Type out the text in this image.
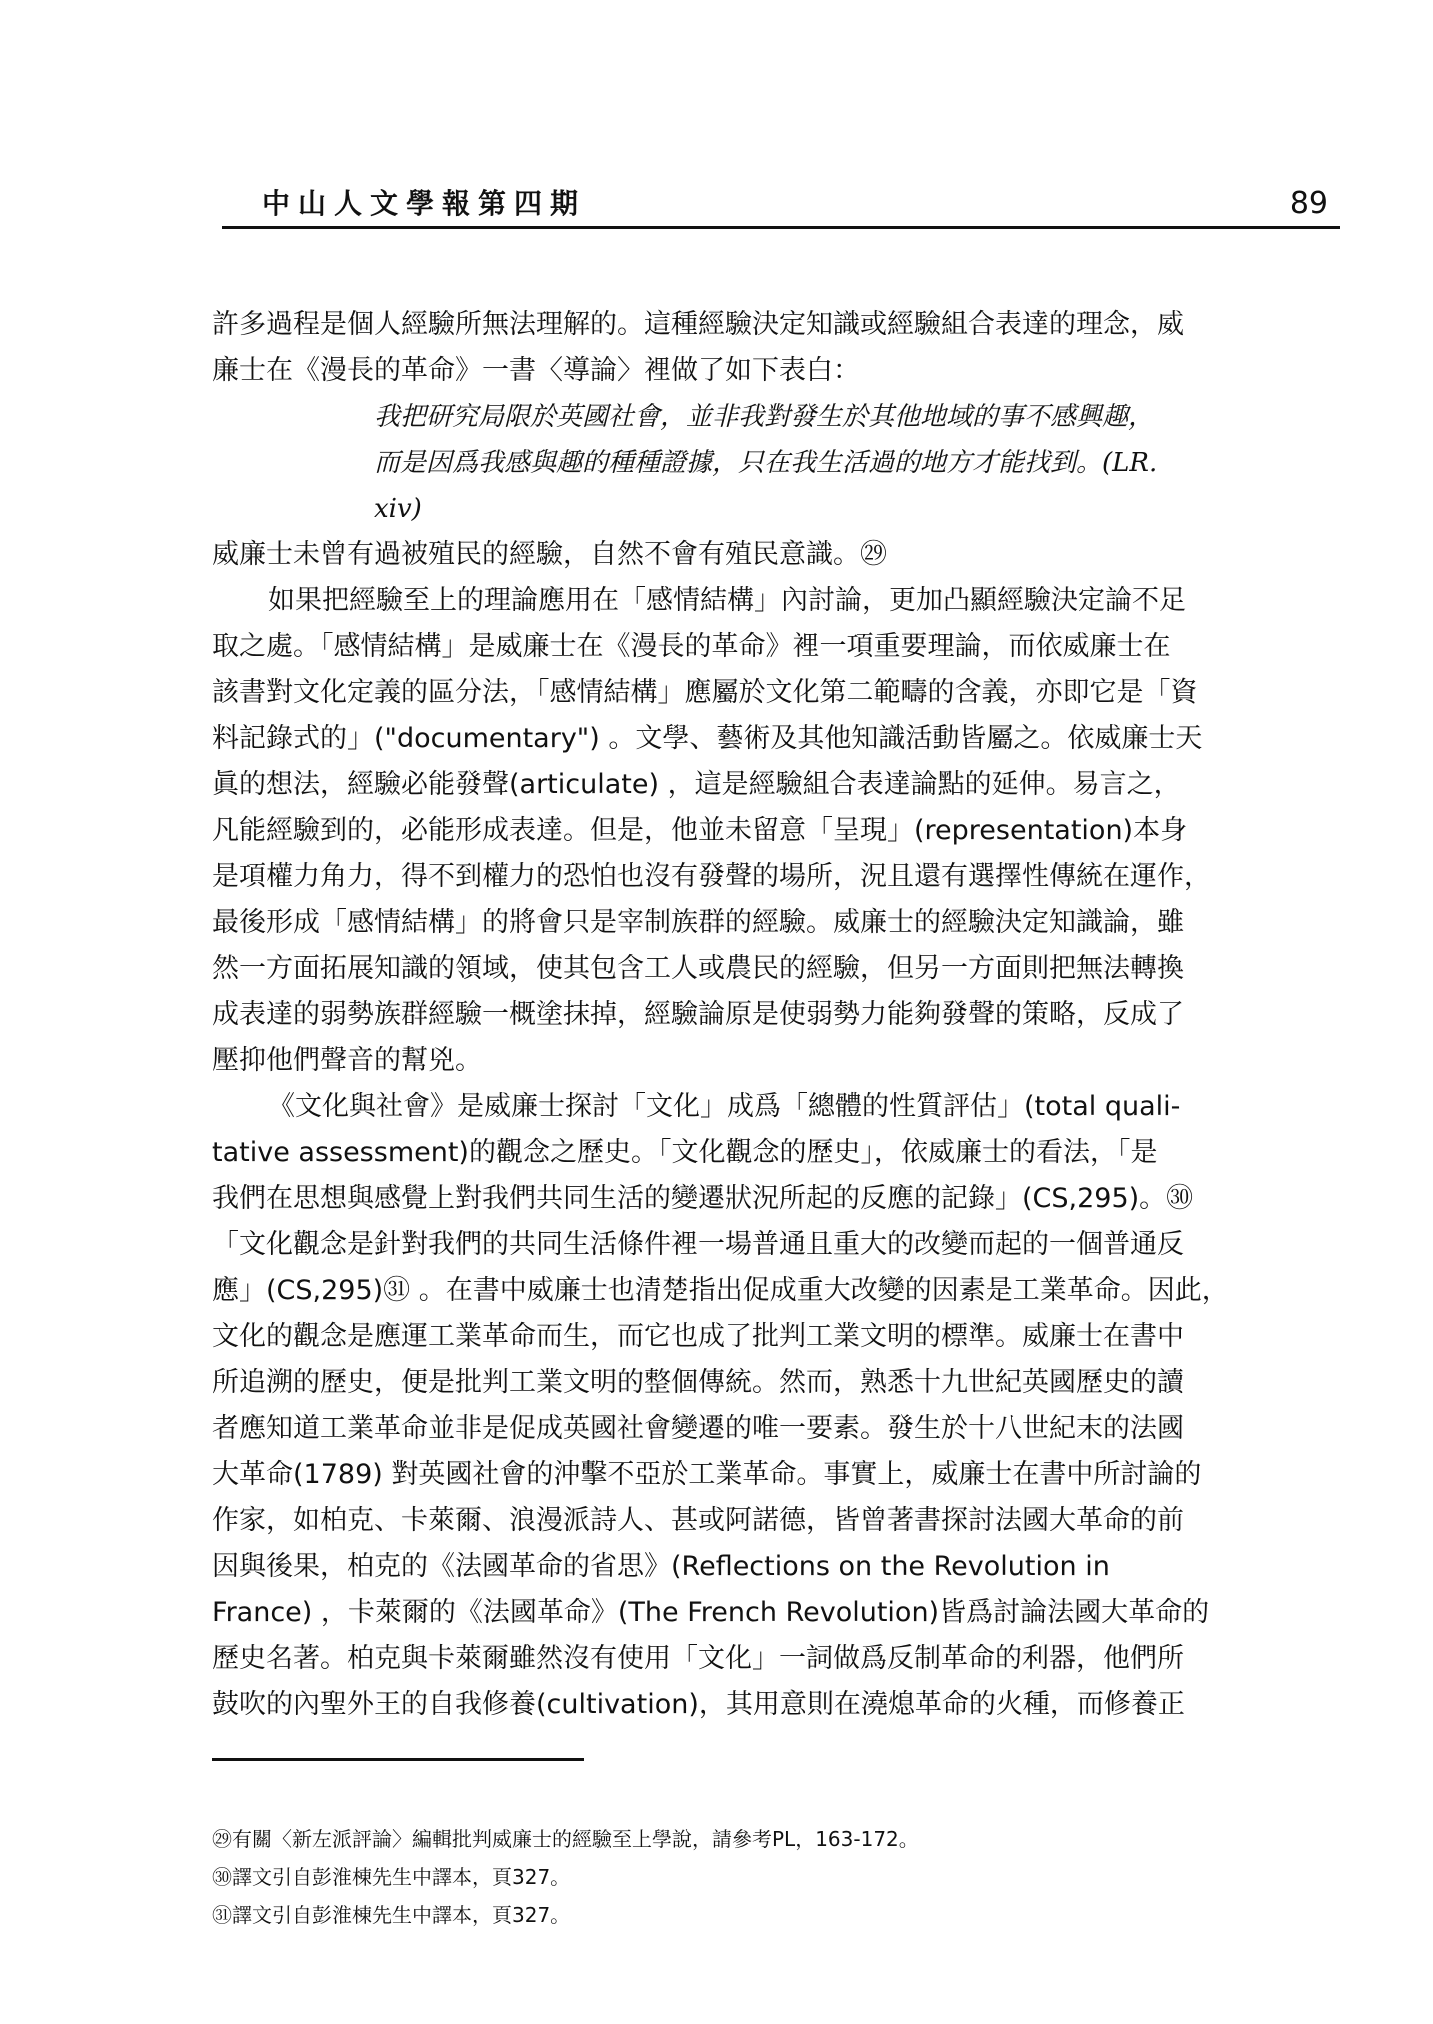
中山人文學報第四期	89
許多過程是個人經驗所無法理解的。這種經驗決定知識或經驗組合表達的理念，威
廉士在《漫長的革命》一書〈導論〉裡做了如下表白：
我把研究局限於英國社會，並非我對發生於其他地域的事不感興趣，
而是因爲我感與趣的種種證據，只在我生活過的地方才能找到。(LR.
xiv)
威廉士未曾有過被殖民的經驗，自然不會有殖民意識。㉙
如果把經驗至上的理論應用在「感情結構」內討論，更加凸顯經驗決定論不足
取之處。「感情結構」是威廉士在《漫長的革命》裡一項重要理論，而依威廉士在
該書對文化定義的區分法，「感情結構」應屬於文化第二範疇的含義，亦即它是「資
料記錄式的」("documentary") 。文學、藝術及其他知識活動皆屬之。依威廉士天
眞的想法，經驗必能發聲(articulate) ，這是經驗組合表達論點的延伸。易言之，
凡能經驗到的，必能形成表達。但是，他並未留意「呈現」(representation)本身
是項權力角力，得不到權力的恐怕也沒有發聲的場所，況且還有選擇性傳統在運作，
最後形成「感情結構」的將會只是宰制族群的經驗。威廉士的經驗決定知識論，雖
然一方面拓展知識的領域，使其包含工人或農民的經驗，但另一方面則把無法轉換
成表達的弱勢族群經驗一概塗抹掉，經驗論原是使弱勢力能夠發聲的策略，反成了
壓抑他們聲音的幫兇。
《文化與社會》是威廉士探討「文化」成爲「總體的性質評估」(total quali-
tative assessment)的觀念之歷史。「文化觀念的歷史」，依威廉士的看法，「是
我們在思想與感覺上對我們共同生活的變遷狀況所起的反應的記錄」(CS,295)。㉚
「文化觀念是針對我們的共同生活條件裡一場普通且重大的改變而起的一個普通反
應」(CS,295)㉛ 。在書中威廉士也清楚指出促成重大改變的因素是工業革命。因此，
文化的觀念是應運工業革命而生，而它也成了批判工業文明的標準。威廉士在書中
所追溯的歷史，便是批判工業文明的整個傳統。然而，熟悉十九世紀英國歷史的讀
者應知道工業革命並非是促成英國社會變遷的唯一要素。發生於十八世紀末的法國
大革命(1789) 對英國社會的沖擊不亞於工業革命。事實上，威廉士在書中所討論的
作家，如柏克、卡萊爾、浪漫派詩人、甚或阿諾德，皆曾著書探討法國大革命的前
因與後果，柏克的《法國革命的省思》(Reflections on the Revolution in
France) ，卡萊爾的《法國革命》(The French Revolution)皆爲討論法國大革命的
歷史名著。柏克與卡萊爾雖然沒有使用「文化」一詞做爲反制革命的利器，他們所
鼓吹的內聖外王的自我修養(cultivation)，其用意則在澆熄革命的火種，而修養正
㉙有關〈新左派評論〉編輯批判威廉士的經驗至上學說，請參考PL，163-172。
㉚譯文引自彭淮棟先生中譯本，頁327。
㉛譯文引自彭淮棟先生中譯本，頁327。
